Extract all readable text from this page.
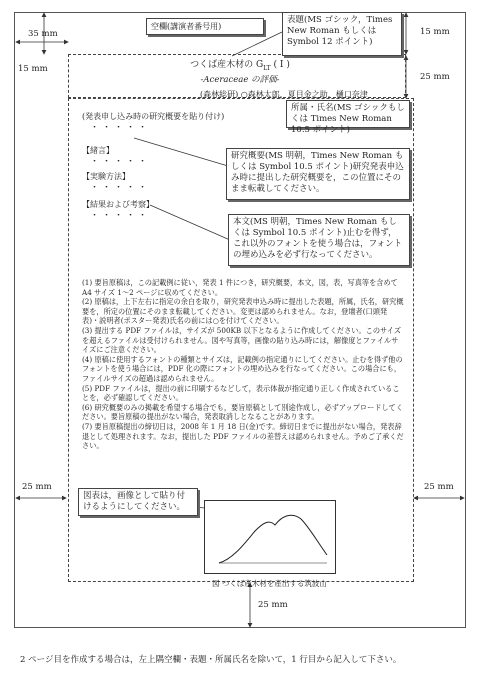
35 mm
15 mm
15 mm
25 mm
25 mm	25 mm
25 mm
空欄(講演者番号用)
表題(MS ゴシック，Times New Roman もしくは Symbol 12 ポイント)
つくば産木材の $G_{LT}$ ( I )
-Aceraceae の評価-
(森林総研) ○森林太郎，夏目金之助，樋口奈津
所属・氏名(MS ゴシックもしくは Times New Roman 10.5 ポイント)
(発表申し込み時の研究概要を貼り付け)
・・・・・
【緒言】
・・・・・
【実験方法】
・・・・・
【結果および考察】
・・・・・
研究概要(MS 明朝，Times New Roman もしくは Symbol 10.5 ポイント)研究発表申込み時に提出した研究概要を，この位置にそのまま転載してください。
本文(MS 明朝，Times New Roman もしくは Symbol 10.5 ポイント)止むを得ず，これ以外のフォントを使う場合は，フォントの埋め込みを必ず行なってください。
(1) 要旨原稿は，この記載例に従い，発表 1 件につき，研究概要，本文，図，表，写真等を含めて A4 サイズ 1～2 ページに収めてください。
(2) 原稿は，上下左右に指定の余白を取り，研究発表申込み時に提出した表題，所属，氏名，研究概要を，所定の位置にそのまま転載してください。変更は認められません。なお，登壇者(口頭発表)・説明者(ポスター発表)氏名の前には○を付けてください。
(3) 提出する PDF ファイルは，サイズが 500KB 以下となるように作成してください。このサイズを超えるファイルは受付けられません。図や写真等，画像の貼り込み時には，解像度とファイルサイズにご注意ください。
(4) 原稿に使用するフォントの種類とサイズは，記載例の指定通りにしてください。止むを得ず他のフォントを使う場合には，PDF 化の際にフォントの埋め込みを行なってください。この場合にも，ファイルサイズの超過は認められません。
(5) PDF ファイルは，提出の前に印刷するなどして，表示体裁が指定通り正しく作成されていることを，必ず確認してください。
(6) 研究概要のみの掲載を希望する場合でも，要旨原稿として別途作成し，必ずアップロードしてください。要旨原稿の提出がない場合，発表取消しとなることがあります。
(7) 要旨原稿提出の締切日は，2008 年 1 月 18 日(金)です。締切日までに提出がない場合，発表辞退として処理されます。なお，提出した PDF ファイルの差替えは認められません。予めご了承ください。
図 つくば産木材を産出する筑波山
図表は，画像として貼り付けるようにしてください。
2 ページ目を作成する場合は，左上隅空欄・表題・所属氏名を除いて，1 行目から記入して下さい。
